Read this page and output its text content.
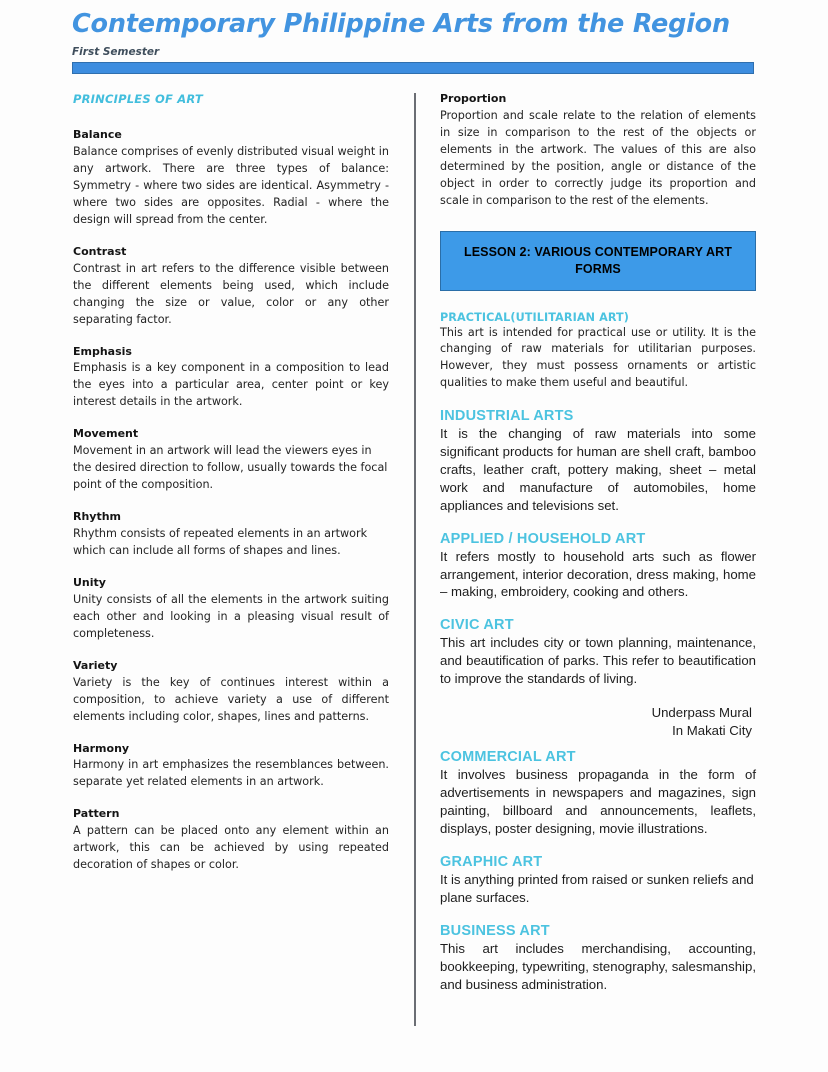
Contemporary Philippine Arts from the Region
First Semester
PRINCIPLES OF ART
Balance
Balance comprises of evenly distributed visual weight in any artwork. There are three types of balance: Symmetry - where two sides are identical. Asymmetry - where two sides are opposites. Radial - where the design will spread from the center.
Contrast
Contrast in art refers to the difference visible between the different elements being used, which include changing the size or value, color or any other separating factor.
Emphasis
Emphasis is a key component in a composition to lead the eyes into a particular area, center point or key interest details in the artwork.
Movement
Movement in an artwork will lead the viewers eyes in the desired direction to follow, usually towards the focal point of the composition.
Rhythm
Rhythm consists of repeated elements in an artwork which can include all forms of shapes and lines.
Unity
Unity consists of all the elements in the artwork suiting each other and looking in a pleasing visual result of completeness.
Variety
Variety is the key of continues interest within a composition, to achieve variety a use of different elements including color, shapes, lines and patterns.
Harmony
Harmony in art emphasizes the resemblances between. separate yet related elements in an artwork.
Pattern
A pattern can be placed onto any element within an artwork, this can be achieved by using repeated decoration of shapes or color.
Proportion
Proportion and scale relate to the relation of elements in size in comparison to the rest of the objects or elements in the artwork. The values of this are also determined by the position, angle or distance of the object in order to correctly judge its proportion and scale in comparison to the rest of the elements.
LESSON 2: VARIOUS CONTEMPORARY ART FORMS
PRACTICAL(UTILITARIAN ART)
This art is intended for practical use or utility. It is the changing of raw materials for utilitarian purposes. However, they must possess ornaments or artistic qualities to make them useful and beautiful.
INDUSTRIAL ARTS
It is the changing of raw materials into some significant products for human are shell craft, bamboo crafts, leather craft, pottery making, sheet – metal work and manufacture of automobiles, home appliances and televisions set.
APPLIED / HOUSEHOLD ART
It refers mostly to household arts such as flower arrangement, interior decoration, dress making, home – making, embroidery, cooking and others.
CIVIC ART
This art includes city or town planning, maintenance, and beautification of parks. This refer to beautification to improve the standards of living.
Underpass Mural
In Makati City
COMMERCIAL ART
It involves business propaganda in the form of advertisements in newspapers and magazines, sign painting, billboard and announcements, leaflets, displays, poster designing, movie illustrations.
GRAPHIC ART
It is anything printed from raised or sunken reliefs and plane surfaces.
BUSINESS ART
This art includes merchandising, accounting, bookkeeping, typewriting, stenography, salesmanship, and business administration.
